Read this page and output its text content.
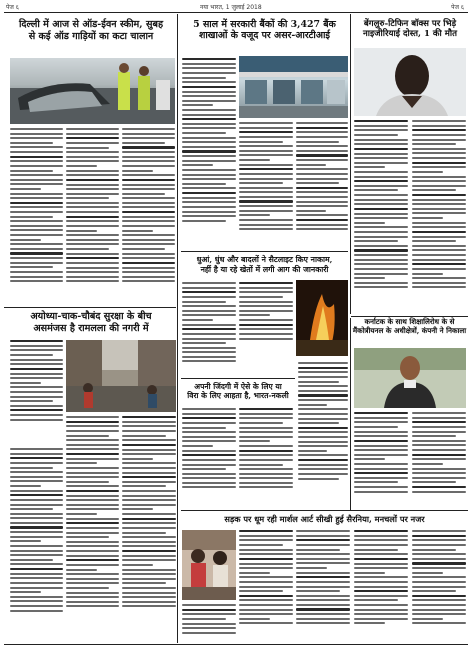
पेज ६	नया भारत, 1 जुलाई 2018	पेज ६
दिल्ली में आज से ऑड-ईवन स्कीम, सुबह
से कई ऑड गाड़ियों का कटा चालान
5 साल में सरकारी बैंकों की 3,427 बैंक
शाखाओं के वजूद पर असर-आरटीआई
बेंगलुरु-टिफिन बॉक्स पर भिड़े
नाइजीरियाई दोस्त, 1 की मौत
धुआं, धुंध और बादलों ने सैटलाइट किए नाकाम,
नहीं है या रहे खेतों में लगी आग की जानकारी
कर्नाटक के साथ शिक्षालिरोध के से
मैंकोत्रीयनल के अधीक्षेत्रों, कंपनी ने निकाला
अयोध्या-चाक-चौबंद सुरक्षा के बीच
असमंजस है रामलला की नगरी में
अपनी जिंदगी में ऐसे के लिए या
विरा के लिए आहता है, भारत-नकली
सड़क पर धूम रही मार्शल आर्ट सीखी हुई सैरनिया, मनचलों पर नजर
